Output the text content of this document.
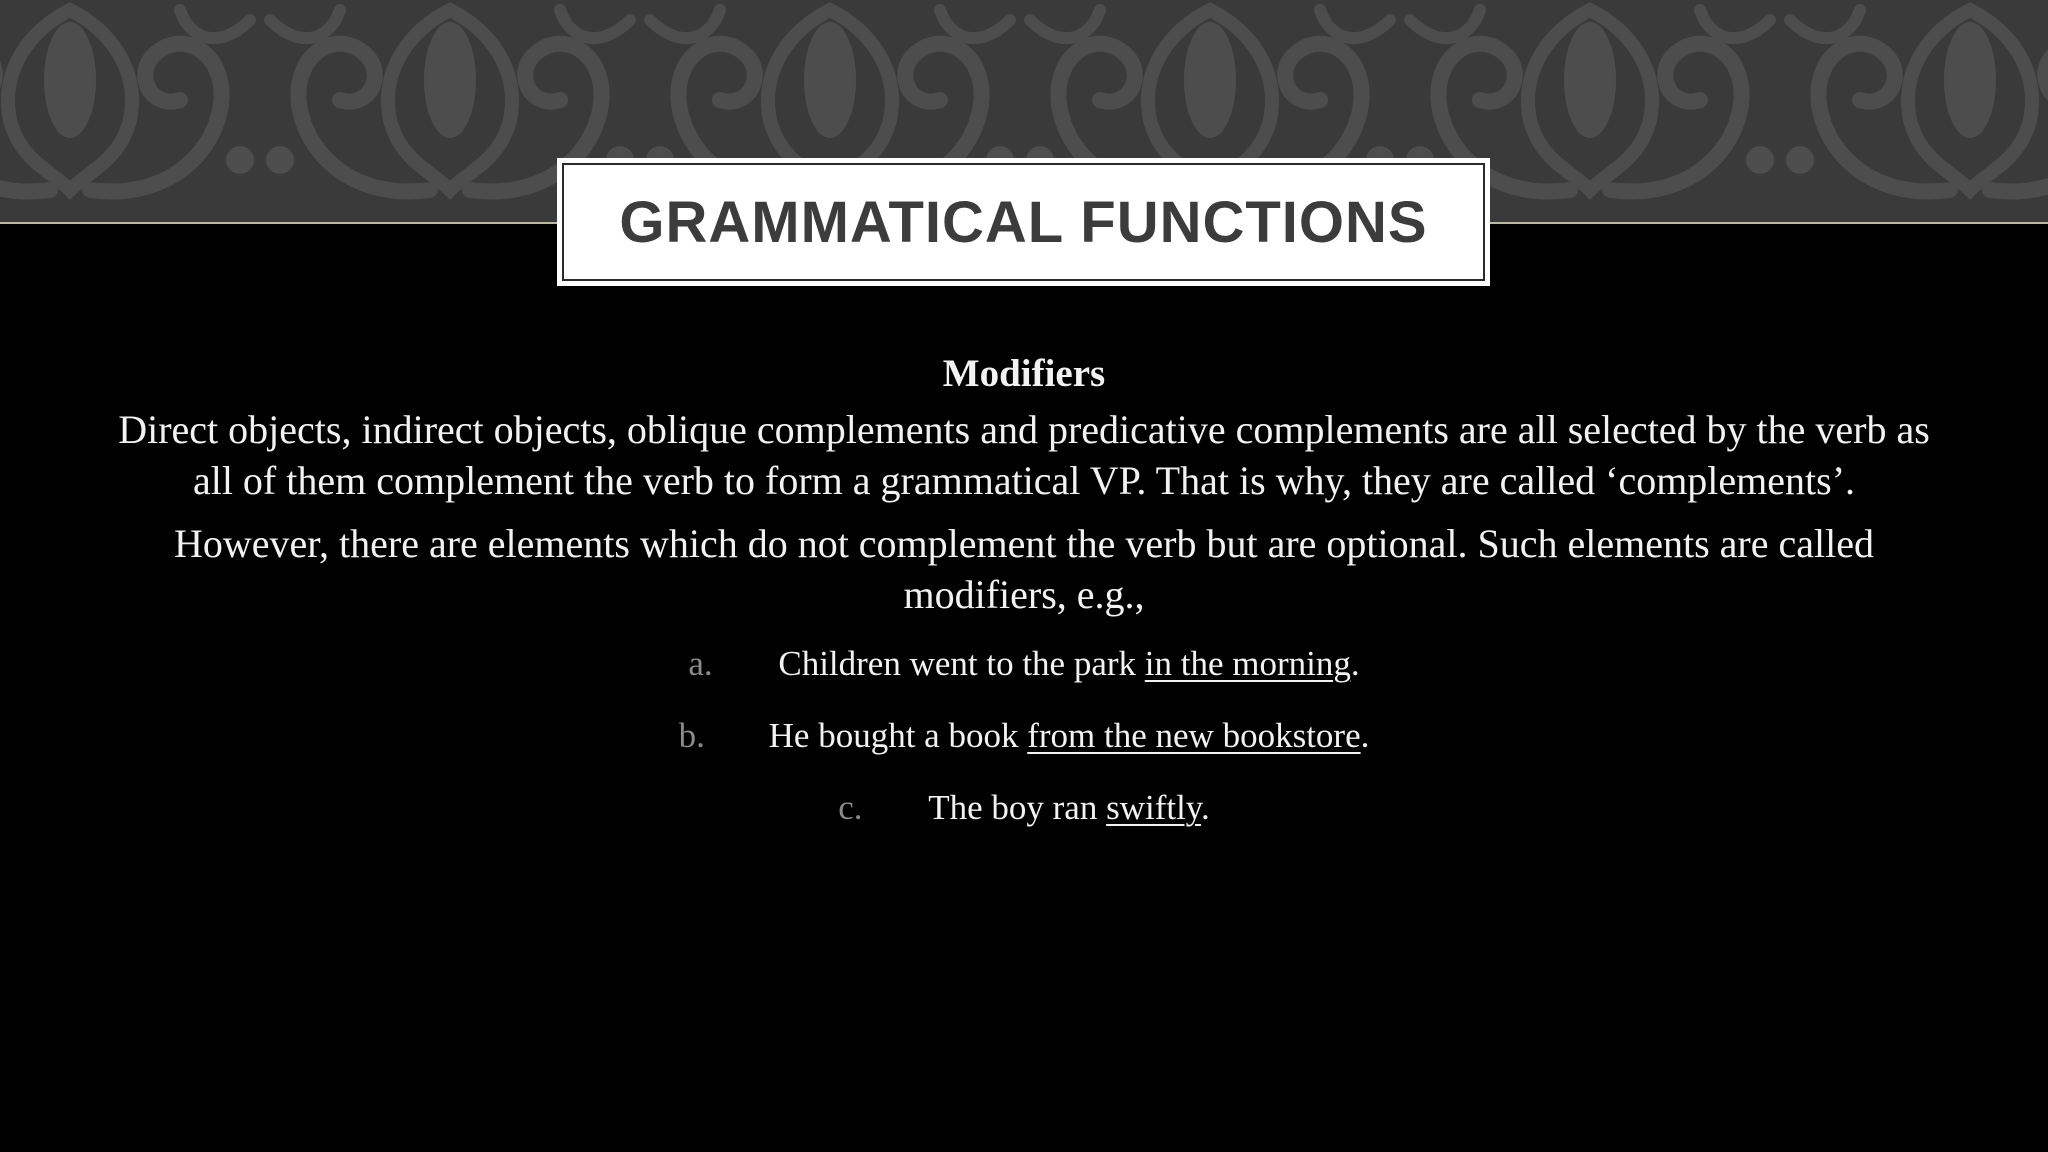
GRAMMATICAL FUNCTIONS

Modifiers

Direct objects, indirect objects, oblique complements and predicative complements are all selected by the verb as all of them complement the verb to form a grammatical VP. That is why, they are called ‘complements’.

However, there are elements which do not complement the verb but are optional. Such elements are called modifiers, e.g.,

a. Children went to the park in the morning.
b. He bought a book from the new bookstore.
c. The boy ran swiftly.
